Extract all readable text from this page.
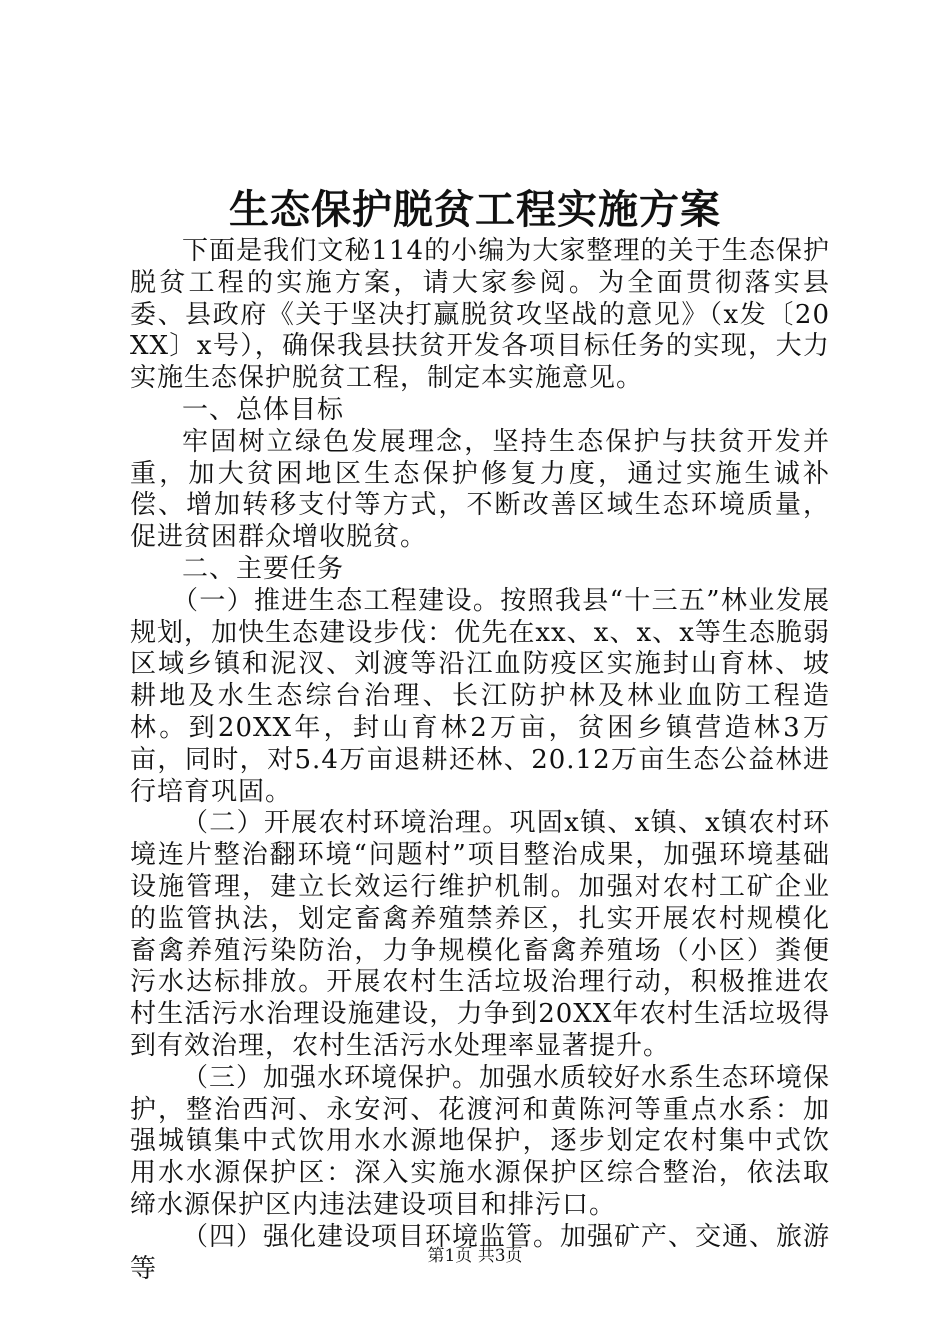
生态保护脱贫工程实施方案

下面是我们文秘114的小编为大家整理的关于生态保护脱贫工程的实施方案，请大家参阅。为全面贯彻落实县委、县政府《关于坚决打赢脱贫攻坚战的意见》（x发〔20XX〕x号），确保我县扶贫开发各项目标任务的实现，大力实施生态保护脱贫工程，制定本实施意见。

一、总体目标

牢固树立绿色发展理念，坚持生态保护与扶贫开发并重，加大贫困地区生态保护修复力度，通过实施生诚补偿、增加转移支付等方式，不断改善区域生态环境质量，促进贫困群众增收脱贫。

二、主要任务

（一）推进生态工程建设。按照我县“十三五”林业发展规划，加快生态建设步伐：优先在xx、x、x、x等生态脆弱区域乡镇和泥汊、刘渡等沿江血防疫区实施封山育林、坡耕地及水生态综台治理、长江防护林及林业血防工程造林。到20XX年，封山育林2万亩，贫困乡镇营造林3万亩，同时，对5.4万亩退耕还林、20.12万亩生态公益林进行培育巩固。

（二）开展农村环境治理。巩固x镇、x镇、x镇农村环境连片整治翻环境“问题村”项目整治成果，加强环境基础设施管理，建立长效运行维护机制。加强对农村工矿企业的监管执法，划定畜禽养殖禁养区，扎实开展农村规模化畜禽养殖污染防治，力争规模化畜禽养殖场（小区）粪便污水达标排放。开展农村生活垃圾治理行动，积极推进农村生活污水治理设施建设，力争到20XX年农村生活垃圾得到有效治理，农村生活污水处理率显著提升。

（三）加强水环境保护。加强水质较好水系生态环境保护，整治西河、永安河、花渡河和黄陈河等重点水系：加强城镇集中式饮用水水源地保护，逐步划定农村集中式饮用水水源保护区：深入实施水源保护区综合整治，依法取缔水源保护区内违法建设项目和排污口。

（四）强化建设项目环境监管。加强矿产、交通、旅游等	第1页 共3页
